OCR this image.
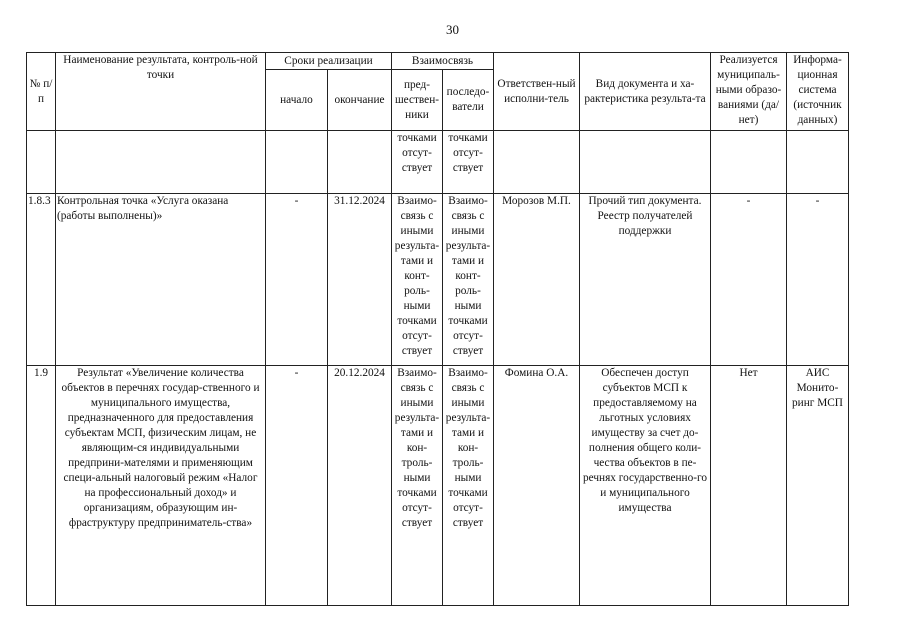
30
№ п/п	Наименование результата, контроль-ной точки	Сроки реализации		Взаимосвязь		Ответствен-ный исполни-тель	Вид документа и ха-рактеристика результа-та	Реализуется муниципаль-ными образо-ваниями (да/нет)	Информа-ционная система (источник данных)
		начало	окончание	пред-шествен-ники	последо-ватели				
				точками отсут-ствует	точками отсут-ствует				
1.8.3	Контрольная точка «Услуга оказана (работы выполнены)»	-	31.12.2024	Взаимо-связь с иными результа-тами и конт-роль-ными точками отсут-ствует	Взаимо-связь с иными результа-тами и конт-роль-ными точками отсут-ствует	Морозов М.П.	Прочий тип документа. Реестр получателей поддержки	-	-
1.9	Результат «Увеличение количества объектов в перечнях государ-ственного и муниципального имущества, предназначенного для предоставления субъектам МСП, физическим лицам, не являющим-ся индивидуальными предприни-мателями и применяющим специ-альный налоговый режим «Налог на профессиональный доход» и организациям, образующим ин-фраструктуру предприниматель-ства»	-	20.12.2024	Взаимо-связь с иными результа-тами и кон-троль-ными точками отсут-ствует	Взаимо-связь с иными результа-тами и кон-троль-ными точками отсут-ствует	Фомина О.А.	Обеспечен доступ субъектов МСП к предоставляемому на льготных условиях имуществу за счет до-полнения общего коли-чества объектов в пе-речнях государственно-го и муниципального имущества	Нет	АИС Монито-ринг МСП
